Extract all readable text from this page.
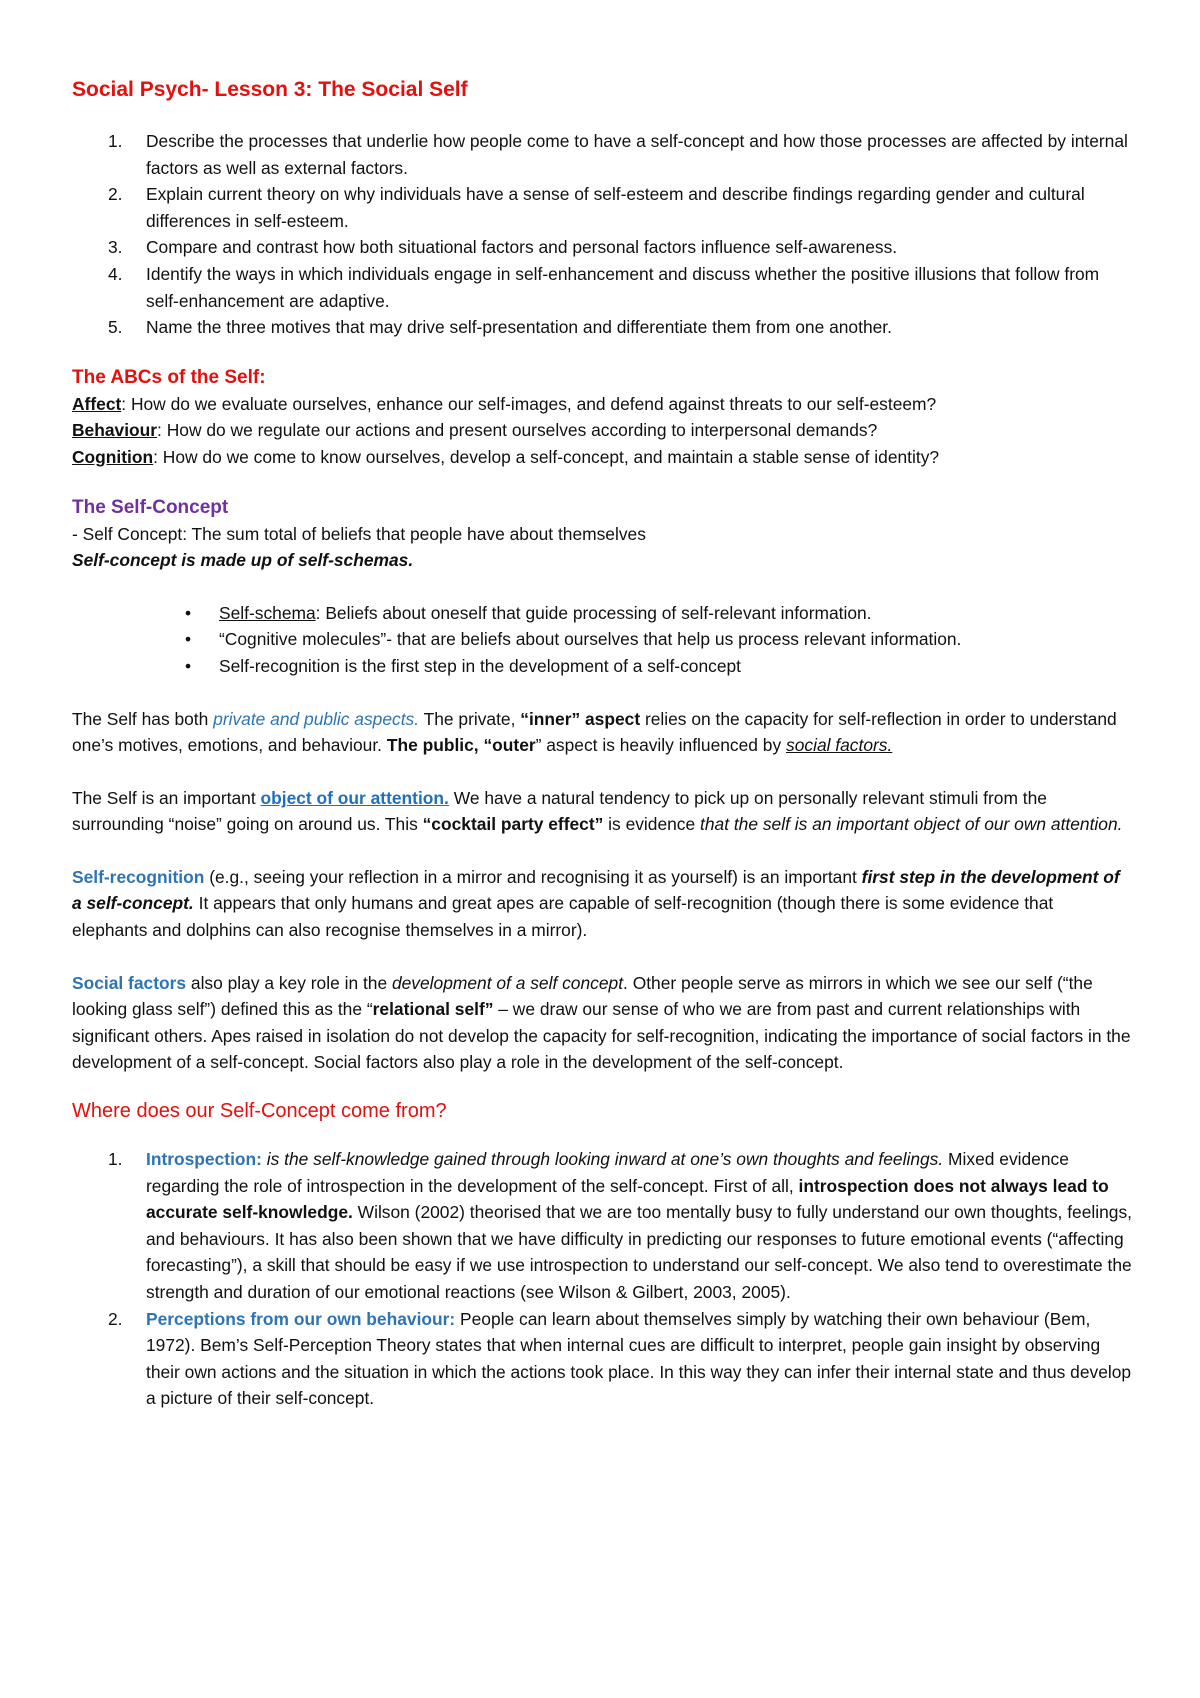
Social Psych- Lesson 3: The Social Self
1.	Describe the processes that underlie how people come to have a self-concept and how those processes are affected by internal factors as well as external factors.
2.	Explain current theory on why individuals have a sense of self-esteem and describe findings regarding gender and cultural differences in self-esteem.
3.	Compare and contrast how both situational factors and personal factors influence self-awareness.
4.	Identify the ways in which individuals engage in self-enhancement and discuss whether the positive illusions that follow from self-enhancement are adaptive.
5.	Name the three motives that may drive self-presentation and differentiate them from one another.
The ABCs of the Self:

Affect: How do we evaluate ourselves, enhance our self-images, and defend against threats to our self-esteem?

Behaviour: How do we regulate our actions and present ourselves according to interpersonal demands?

Cognition: How do we come to know ourselves, develop a self-concept, and maintain a stable sense of identity?

The Self-Concept

- Self Concept: The sum total of beliefs that people have about themselves

Self-concept is made up of self-schemas.

• Self-schema: Beliefs about oneself that guide processing of self-relevant information.
• “Cognitive molecules”- that are beliefs about ourselves that help us process relevant information.
• Self-recognition is the first step in the development of a self-concept

The Self has both private and public aspects. The private, “inner” aspect relies on the capacity for self-reflection in order to understand one’s motives, emotions, and behaviour. The public, “outer” aspect is heavily influenced by social factors.

The Self is an important object of our attention. We have a natural tendency to pick up on personally relevant stimuli from the surrounding “noise” going on around us. This “cocktail party effect” is evidence that the self is an important object of our own attention.

Self-recognition (e.g., seeing your reflection in a mirror and recognising it as yourself) is an important first step in the development of a self-concept. It appears that only humans and great apes are capable of self-recognition (though there is some evidence that elephants and dolphins can also recognise themselves in a mirror).

Social factors also play a key role in the development of a self concept. Other people serve as mirrors in which we see our self (“the looking glass self”) defined this as the “relational self” – we draw our sense of who we are from past and current relationships with significant others. Apes raised in isolation do not develop the capacity for self-recognition, indicating the importance of social factors in the development of a self-concept. Social factors also play a role in the development of the self-concept.

Where does our Self-Concept come from?
1.	Introspection: is the self-knowledge gained through looking inward at one’s own thoughts and feelings. Mixed evidence regarding the role of introspection in the development of the self-concept. First of all, introspection does not always lead to accurate self-knowledge. Wilson (2002) theorised that we are too mentally busy to fully understand our own thoughts, feelings, and behaviours. It has also been shown that we have difficulty in predicting our responses to future emotional events (“affecting forecasting”), a skill that should be easy if we use introspection to understand our self-concept. We also tend to overestimate the strength and duration of our emotional reactions (see Wilson & Gilbert, 2003, 2005).
2.	Perceptions from our own behaviour: People can learn about themselves simply by watching their own behaviour (Bem, 1972). Bem’s Self-Perception Theory states that when internal cues are difficult to interpret, people gain insight by observing their own actions and the situation in which the actions took place. In this way they can infer their internal state and thus develop a picture of their self-concept.
